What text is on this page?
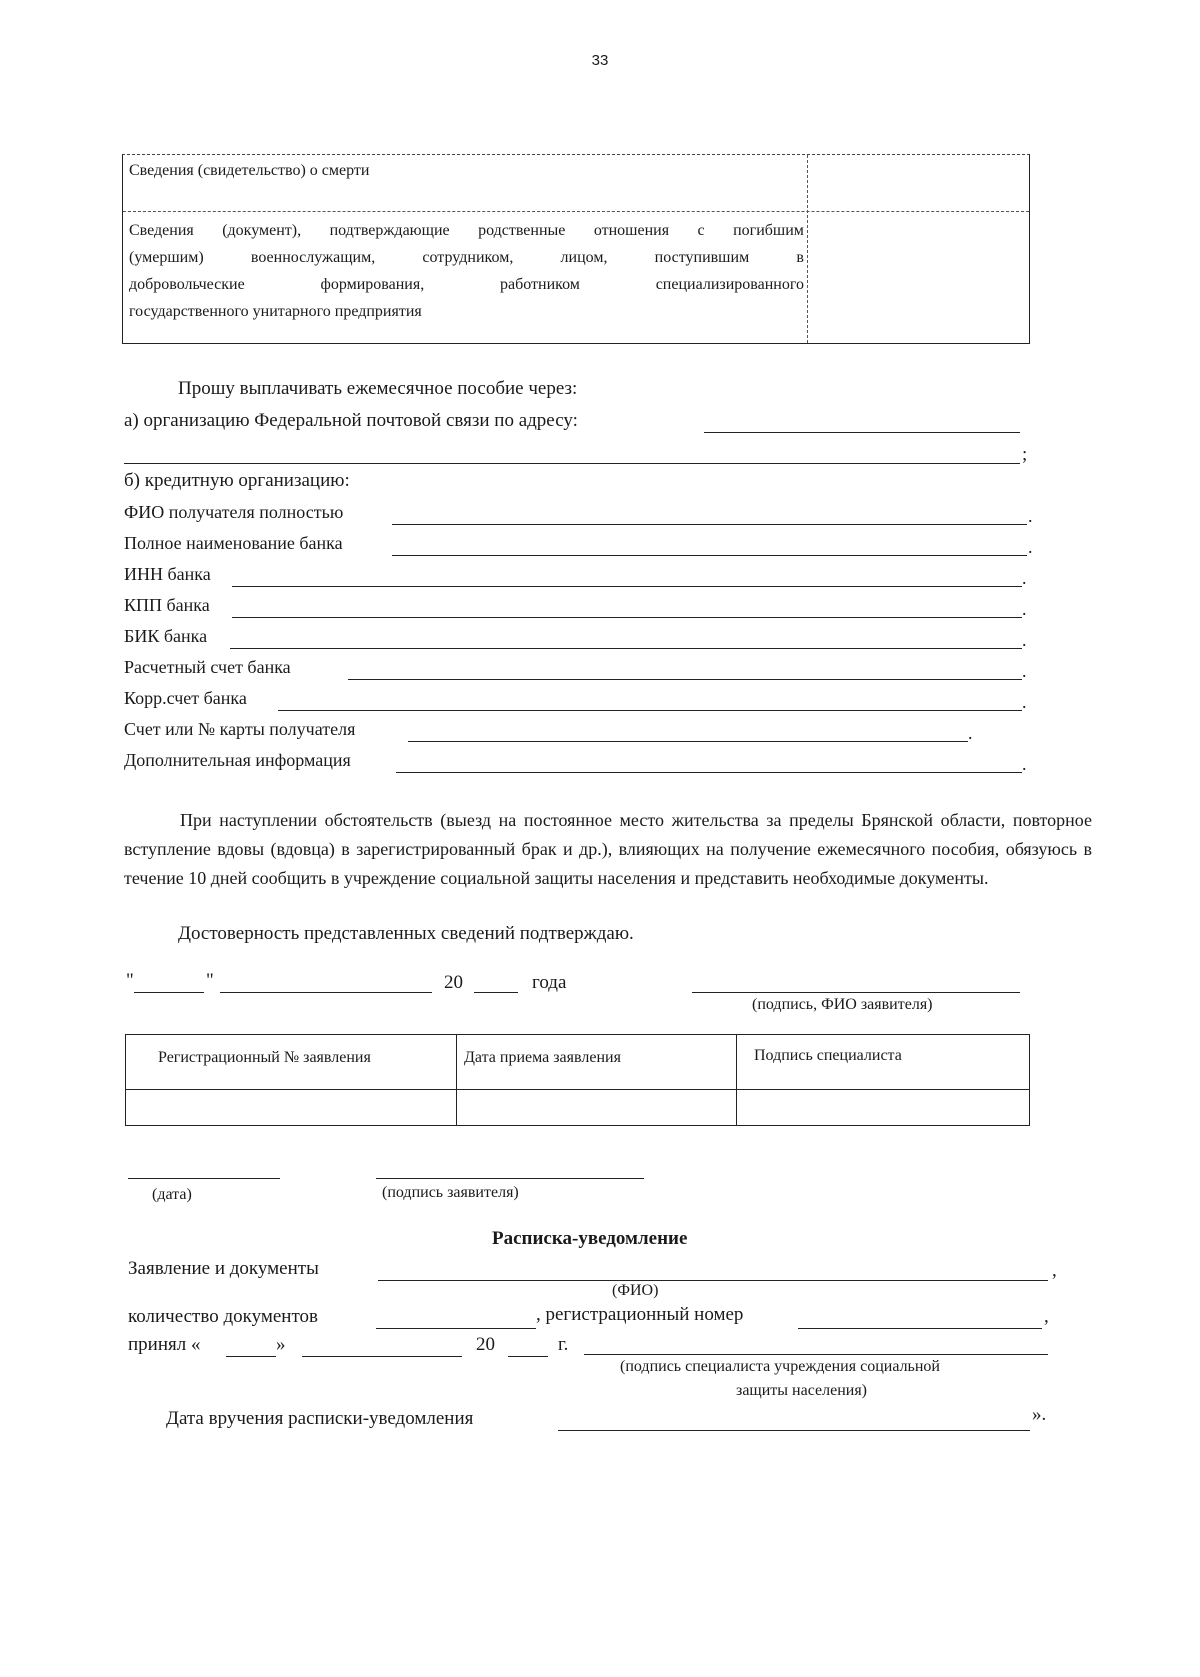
33
Сведения (свидетельство) о смерти
Сведения (документ), подтверждающие родственные отношения с погибшим
(умершим)	военнослужащим,	сотрудником,	лицом,	поступившим	в
добровольческие	формирования,	работником	специализированного
государственного унитарного предприятия
Прошу выплачивать ежемесячное пособие через:
а) организацию Федеральной почтовой связи по адресу:
;
б) кредитную организацию:
ФИО получателя полностью	.
Полное наименование банка	.
ИНН банка	.
КПП банка	.
БИК банка	.
Расчетный счет банка	.
Корр.счет банка	.
Счет или № карты получателя	.
Дополнительная информация	.
При наступлении обстоятельств (выезд на постоянное место жительства за пределы Брянской области, повторное вступление вдовы (вдовца) в зарегистрированный брак и др.), влияющих на получение ежемесячного пособия, обязуюсь в течение 10 дней сообщить в учреждение социальной защиты населения и представить необходимые документы.
Достоверность представленных сведений подтверждаю.
"	"	20	года
(подпись, ФИО заявителя)
Регистрационный № заявления	Дата приема заявления	Подпись специалиста
(дата)	(подпись заявителя)
Расписка-уведомление
Заявление и документы	,
(ФИО)
количество документов	, регистрационный номер	,
принял «	»	20	г.
(подпись специалиста учреждения социальной
защиты населения)
Дата вручения расписки-уведомления	».
